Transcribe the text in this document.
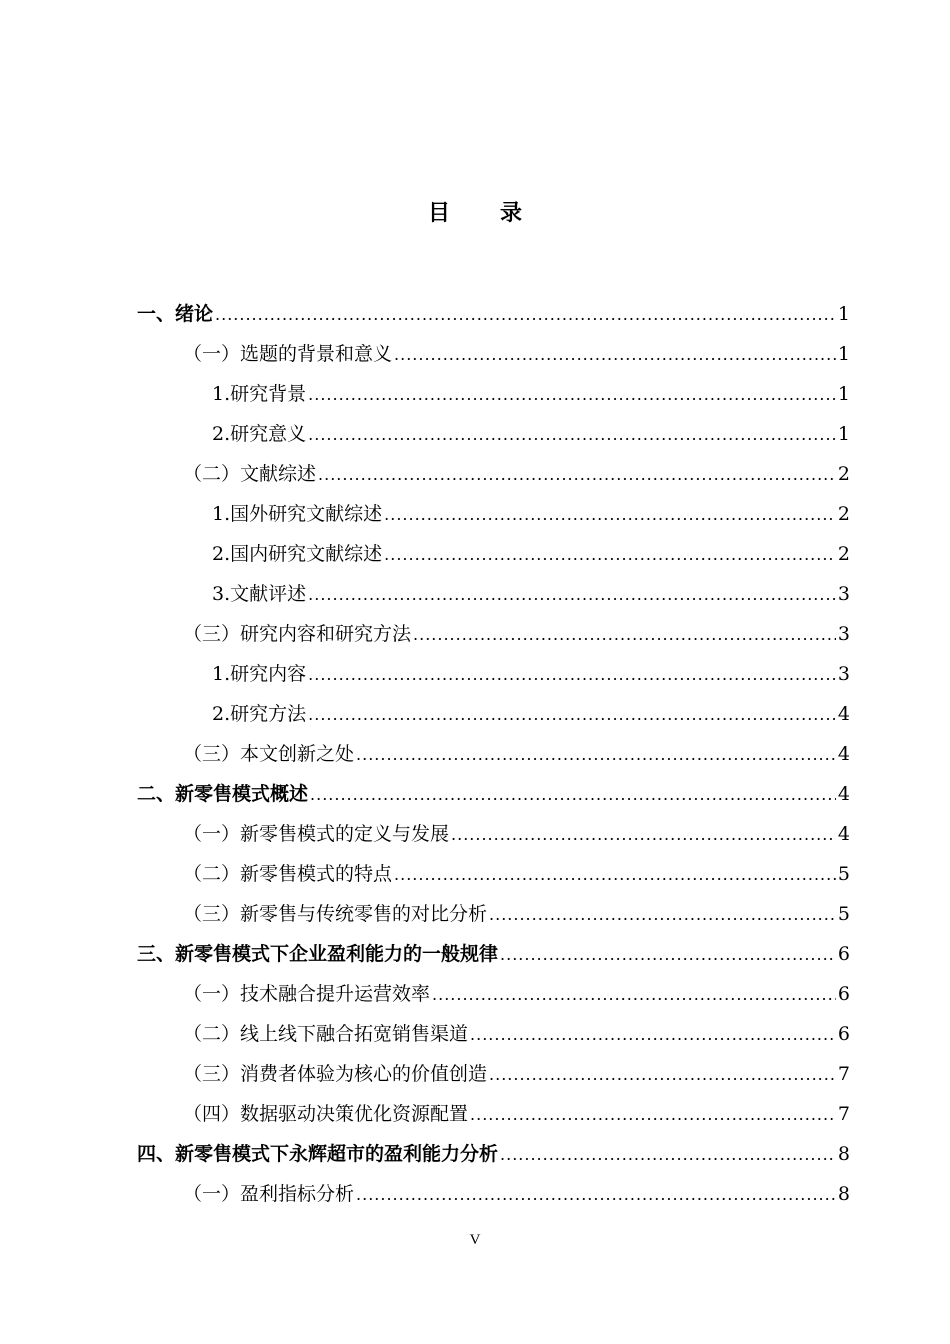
目　录
一、绪论 .....	1
（一）选题的背景和意义 .....	1
1.研究背景 .....	1
2.研究意义 .....	1
（二）文献综述 .....	2
1.国外研究文献综述 .....	2
2.国内研究文献综述 .....	2
3.文献评述 .....	3
（三）研究内容和研究方法 .....	3
1.研究内容 .....	3
2.研究方法 .....	4
（三）本文创新之处 .....	4
二、新零售模式概述 .....	4
（一）新零售模式的定义与发展 .....	4
（二）新零售模式的特点 .....	5
（三）新零售与传统零售的对比分析 .....	5
三、新零售模式下企业盈利能力的一般规律 .....	6
（一）技术融合提升运营效率 .....	6
（二）线上线下融合拓宽销售渠道 .....	6
（三）消费者体验为核心的价值创造 .....	7
（四）数据驱动决策优化资源配置 .....	7
四、新零售模式下永辉超市的盈利能力分析 .....	8
（一）盈利指标分析 .....	8
V
